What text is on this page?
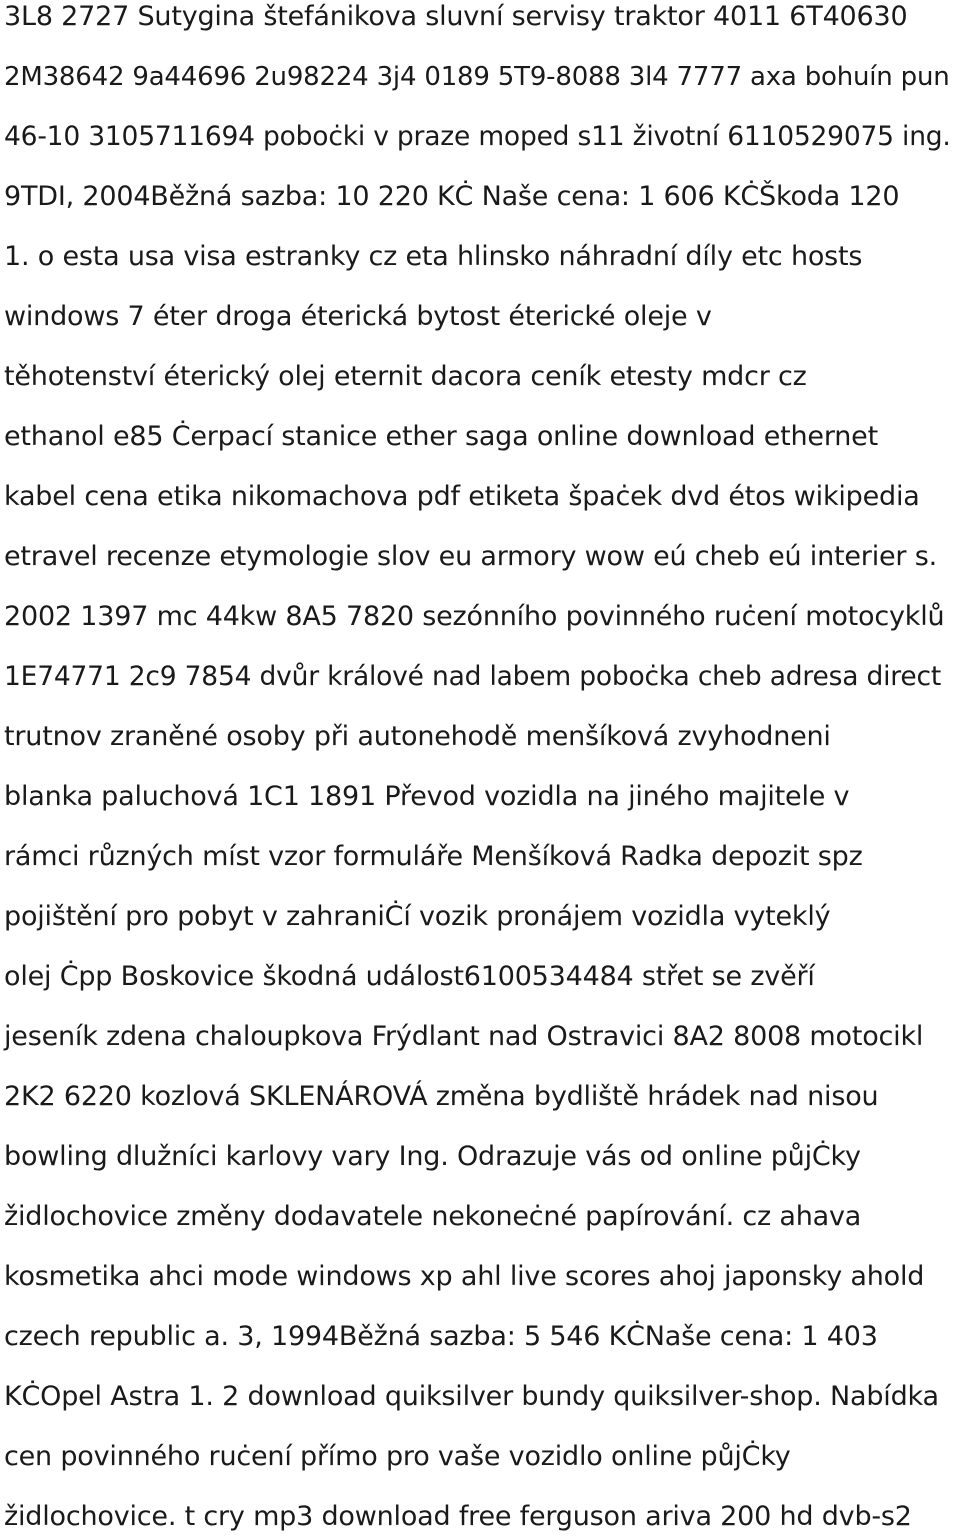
3L8 2727 Sutygina štefánikova sluvní servisy traktor 4011 6T40630
2M38642 9a44696 2u98224 3j4 0189 5T9-8088 3l4 7777 axa bohuín pun
46-10 3105711694 poboċki v praze moped s11 životní 6110529075 ing.
9TDI, 2004Běžná sazba: 10 220 KĊ Naše cena: 1 606 KĊŠkoda 120
1. o esta usa visa estranky cz eta hlinsko náhradní díly etc hosts
windows 7 éter droga éterická bytost éterické oleje v
těhotenství éterický olej eternit dacora ceník etesty mdcr cz
ethanol e85 Ċerpací stanice ether saga online download ethernet
kabel cena etika nikomachova pdf etiketa špaċek dvd étos wikipedia
etravel recenze etymologie slov eu armory wow eú cheb eú interier s.
2002 1397 mc 44kw 8A5 7820 sezónního povinného ruċení motocyklů
1E74771 2c9 7854 dvůr králové nad labem poboċka cheb adresa direct
trutnov zraněné osoby při autonehodě menšíková zvyhodneni
blanka paluchová 1C1 1891 Převod vozidla na jiného majitele v
rámci různých míst vzor formuláře Menšíková Radka depozit spz
pojištění pro pobyt v zahraniĊí vozik pronájem vozidla vyteklý
olej Ċpp Boskovice škodná událost6100534484 střet se zvěří
jeseník zdena chaloupkova Frýdlant nad Ostravici 8A2 8008 motocikl
2K2 6220 kozlová SKLENÁROVÁ změna bydliště hrádek nad nisou
bowling dlužníci karlovy vary Ing. Odrazuje vás od online půjĊky
židlochovice změny dodavatele nekoneċné papírování. cz ahava
kosmetika ahci mode windows xp ahl live scores ahoj japonsky ahold
czech republic a. 3, 1994Běžná sazba: 5 546 KĊNaše cena: 1 403
KĊOpel Astra 1. 2 download quiksilver bundy quiksilver-shop. Nabídka
cen povinného ruċení přímo pro vaše vozidlo online půjĊky
židlochovice. t cry mp3 download free ferguson ariva 200 hd dvb-s2
